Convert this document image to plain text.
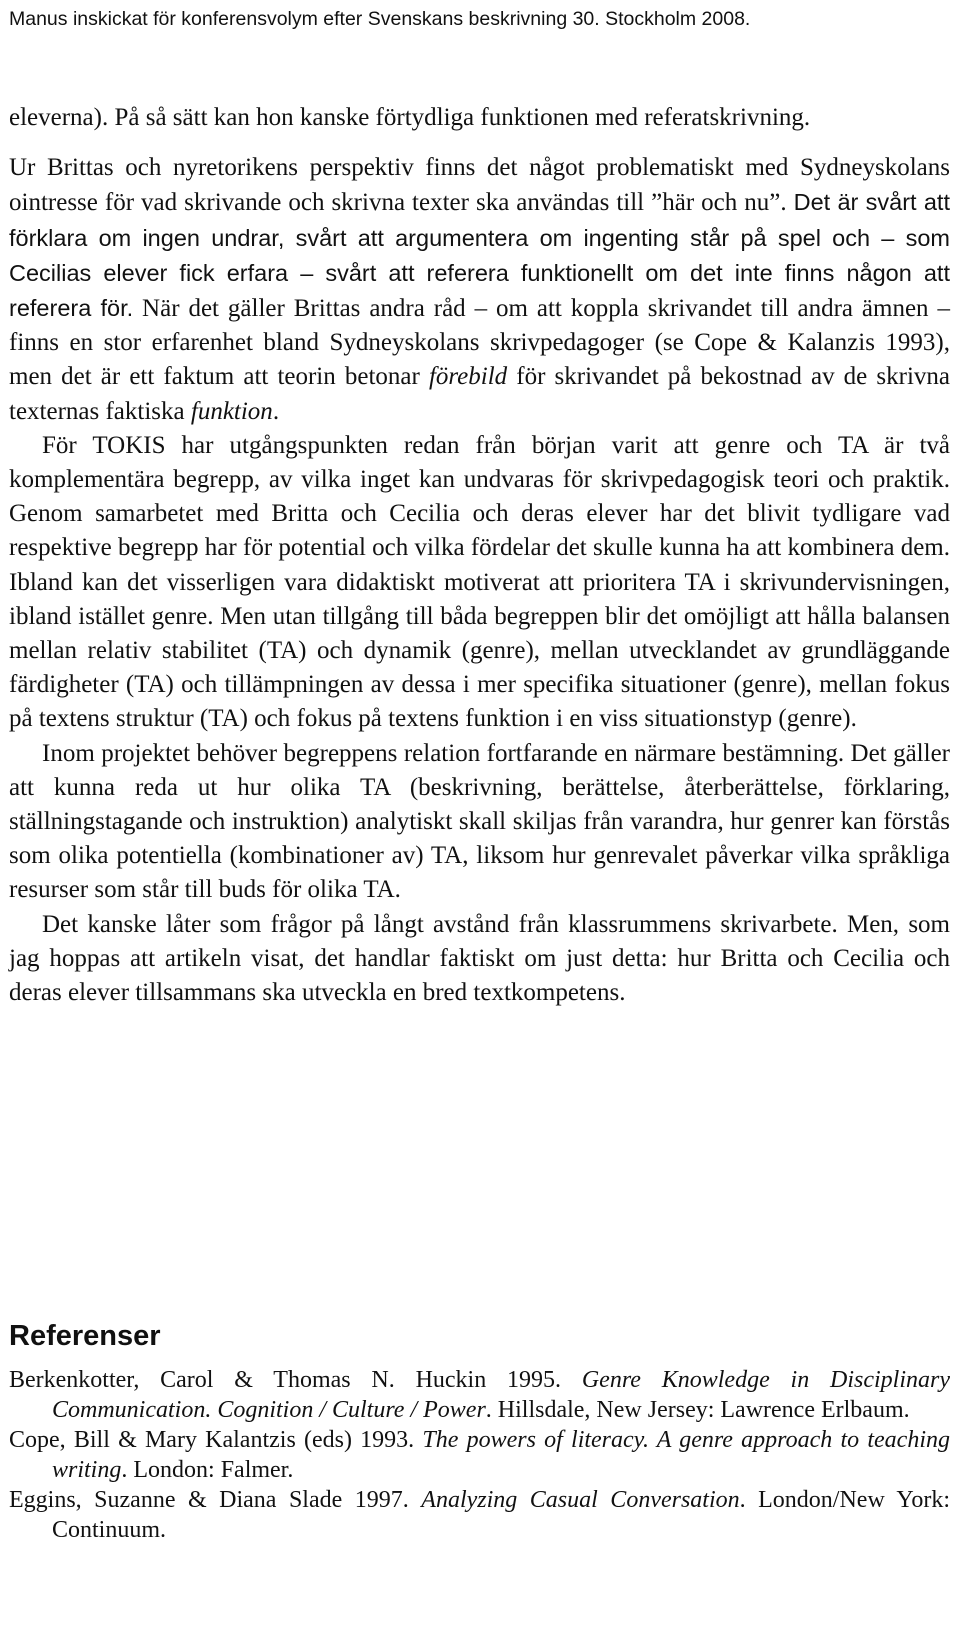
Manus inskickat för konferensvolym efter Svenskans beskrivning 30. Stockholm 2008.

eleverna). På så sätt kan hon kanske förtydliga funktionen med referatskrivning.

Ur Brittas och nyretorikens perspektiv finns det något problematiskt med Sydneyskolans ointresse för vad skrivande och skrivna texter ska användas till ”här och nu”. Det är svårt att förklara om ingen undrar, svårt att argumentera om ingenting står på spel och – som Cecilias elever fick erfara – svårt att referera funktionellt om det inte finns någon att referera för. När det gäller Brittas andra råd – om att koppla skrivandet till andra ämnen – finns en stor erfarenhet bland Sydneyskolans skrivpedagoger (se Cope & Kalanzis 1993), men det är ett faktum att teorin betonar förebild för skrivandet på bekostnad av de skrivna texternas faktiska funktion.

För TOKIS har utgångspunkten redan från början varit att genre och TA är två komplementära begrepp, av vilka inget kan undvaras för skrivpedagogisk teori och praktik. Genom samarbetet med Britta och Cecilia och deras elever har det blivit tydligare vad respektive begrepp har för potential och vilka fördelar det skulle kunna ha att kombinera dem. Ibland kan det visserligen vara didaktiskt motiverat att prioritera TA i skrivundervisningen, ibland istället genre. Men utan tillgång till båda begreppen blir det omöjligt att hålla balansen mellan relativ stabilitet (TA) och dynamik (genre), mellan utvecklandet av grundläggande färdigheter (TA) och tillämpningen av dessa i mer specifika situationer (genre), mellan fokus på textens struktur (TA) och fokus på textens funktion i en viss situationstyp (genre).

Inom projektet behöver begreppens relation fortfarande en närmare bestämning. Det gäller att kunna reda ut hur olika TA (beskrivning, berättelse, återberättelse, förklaring, ställningstagande och instruktion) analytiskt skall skiljas från varandra, hur genrer kan förstås som olika potentiella (kombinationer av) TA, liksom hur genrevalet påverkar vilka språkliga resurser som står till buds för olika TA.

Det kanske låter som frågor på långt avstånd från klassrummens skrivarbete. Men, som jag hoppas att artikeln visat, det handlar faktiskt om just detta: hur Britta och Cecilia och deras elever tillsammans ska utveckla en bred textkompetens.

Referenser

Berkenkotter, Carol & Thomas N. Huckin 1995. Genre Knowledge in Disciplinary Communication. Cognition / Culture / Power. Hillsdale, New Jersey: Lawrence Erlbaum.

Cope, Bill & Mary Kalantzis (eds) 1993. The powers of literacy. A genre approach to teaching writing. London: Falmer.

Eggins, Suzanne & Diana Slade 1997. Analyzing Casual Conversation. London/New York: Continuum.
